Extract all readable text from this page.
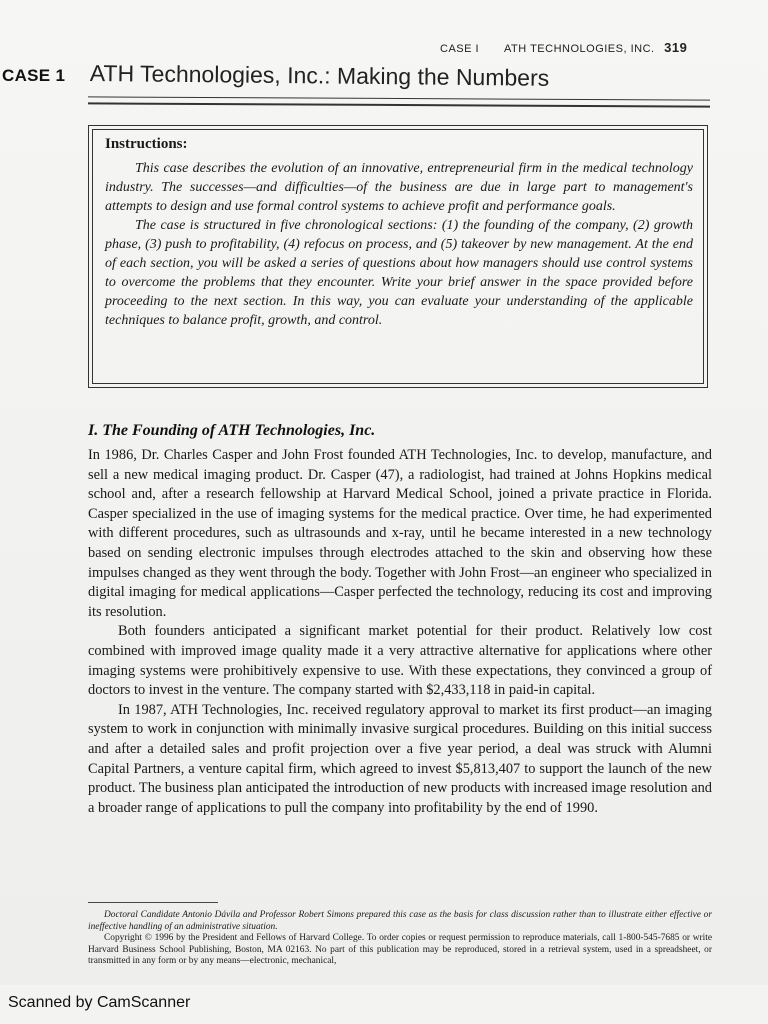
CASE I ATH TECHNOLOGIES, INC. 319
CASE 1 ATH Technologies, Inc.: Making the Numbers
Instructions:

This case describes the evolution of an innovative, entrepreneurial firm in the medical technology industry. The successes—and difficulties—of the business are due in large part to management's attempts to design and use formal control systems to achieve profit and performance goals.

The case is structured in five chronological sections: (1) the founding of the company, (2) growth phase, (3) push to profitability, (4) refocus on process, and (5) takeover by new management. At the end of each section, you will be asked a series of questions about how managers should use control systems to overcome the problems that they encounter. Write your brief answer in the space provided before proceeding to the next section. In this way, you can evaluate your understanding of the applicable techniques to balance profit, growth, and control.

I. The Founding of ATH Technologies, Inc.

In 1986, Dr. Charles Casper and John Frost founded ATH Technologies, Inc. to develop, manufacture, and sell a new medical imaging product. Dr. Casper (47), a radiologist, had trained at Johns Hopkins medical school and, after a research fellowship at Harvard Medical School, joined a private practice in Florida. Casper specialized in the use of imaging systems for the medical practice. Over time, he had experimented with different procedures, such as ultrasounds and x-ray, until he became interested in a new technology based on sending electronic impulses through electrodes attached to the skin and observing how these impulses changed as they went through the body. Together with John Frost—an engineer who specialized in digital imaging for medical applications—Casper perfected the technology, reducing its cost and improving its resolution.

Both founders anticipated a significant market potential for their product. Relatively low cost combined with improved image quality made it a very attractive alternative for applications where other imaging systems were prohibitively expensive to use. With these expectations, they convinced a group of doctors to invest in the venture. The company started with $2,433,118 in paid-in capital.

In 1987, ATH Technologies, Inc. received regulatory approval to market its first product—an imaging system to work in conjunction with minimally invasive surgical procedures. Building on this initial success and after a detailed sales and profit projection over a five year period, a deal was struck with Alumni Capital Partners, a venture capital firm, which agreed to invest $5,813,407 to support the launch of the new product. The business plan anticipated the introduction of new products with increased image resolution and a broader range of applications to pull the company into profitability by the end of 1990.

Doctoral Candidate Antonio Dávila and Professor Robert Simons prepared this case as the basis for class discussion rather than to illustrate either effective or ineffective handling of an administrative situation.

Copyright © 1996 by the President and Fellows of Harvard College. To order copies or request permission to reproduce materials, call 1-800-545-7685 or write Harvard Business School Publishing, Boston, MA 02163. No part of this publication may be reproduced, stored in a retrieval system, used in a spreadsheet, or transmitted in any form or by any means—electronic, mechanical,

Scanned by CamScanner
